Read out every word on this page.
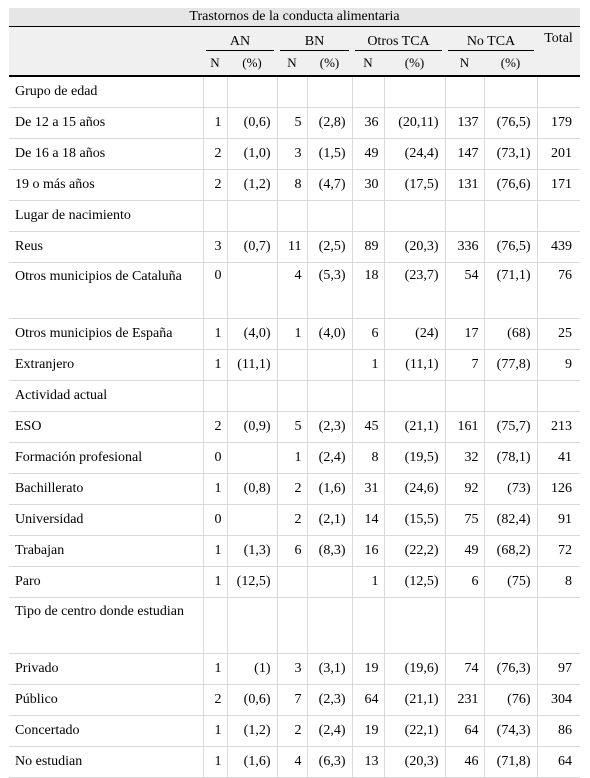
Trastornos de la conducta alimentaria									

	AN		BN		Otros TCA		No TCA		Total
	N	(%)	N	(%)	N	(%)	N	(%)	
Grupo de edad									
De 12 a 15 años	1	(0,6)	5	(2,8)	36	(20,11)	137	(76,5)	179
De 16 a 18 años	2	(1,0)	3	(1,5)	49	(24,4)	147	(73,1)	201
19 o más años	2	(1,2)	8	(4,7)	30	(17,5)	131	(76,6)	171
Lugar de nacimiento									
Reus	3	(0,7)	11	(2,5)	89	(20,3)	336	(76,5)	439
Otros municipios de Cataluña	0		4	(5,3)	18	(23,7)	54	(71,1)	76
Otros municipios de España	1	(4,0)	1	(4,0)	6	(24)	17	(68)	25
Extranjero	1	(11,1)			1	(11,1)	7	(77,8)	9
Actividad actual									
ESO	2	(0,9)	5	(2,3)	45	(21,1)	161	(75,7)	213
Formación profesional	0		1	(2,4)	8	(19,5)	32	(78,1)	41
Bachillerato	1	(0,8)	2	(1,6)	31	(24,6)	92	(73)	126
Universidad	0		2	(2,1)	14	(15,5)	75	(82,4)	91
Trabajan	1	(1,3)	6	(8,3)	16	(22,2)	49	(68,2)	72
Paro	1	(12,5)			1	(12,5)	6	(75)	8
Tipo de centro donde estudian									
Privado	1	(1)	3	(3,1)	19	(19,6)	74	(76,3)	97
Público	2	(0,6)	7	(2,3)	64	(21,1)	231	(76)	304
Concertado	1	(1,2)	2	(2,4)	19	(22,1)	64	(74,3)	86
No estudian	1	(1,6)	4	(6,3)	13	(20,3)	46	(71,8)	64
